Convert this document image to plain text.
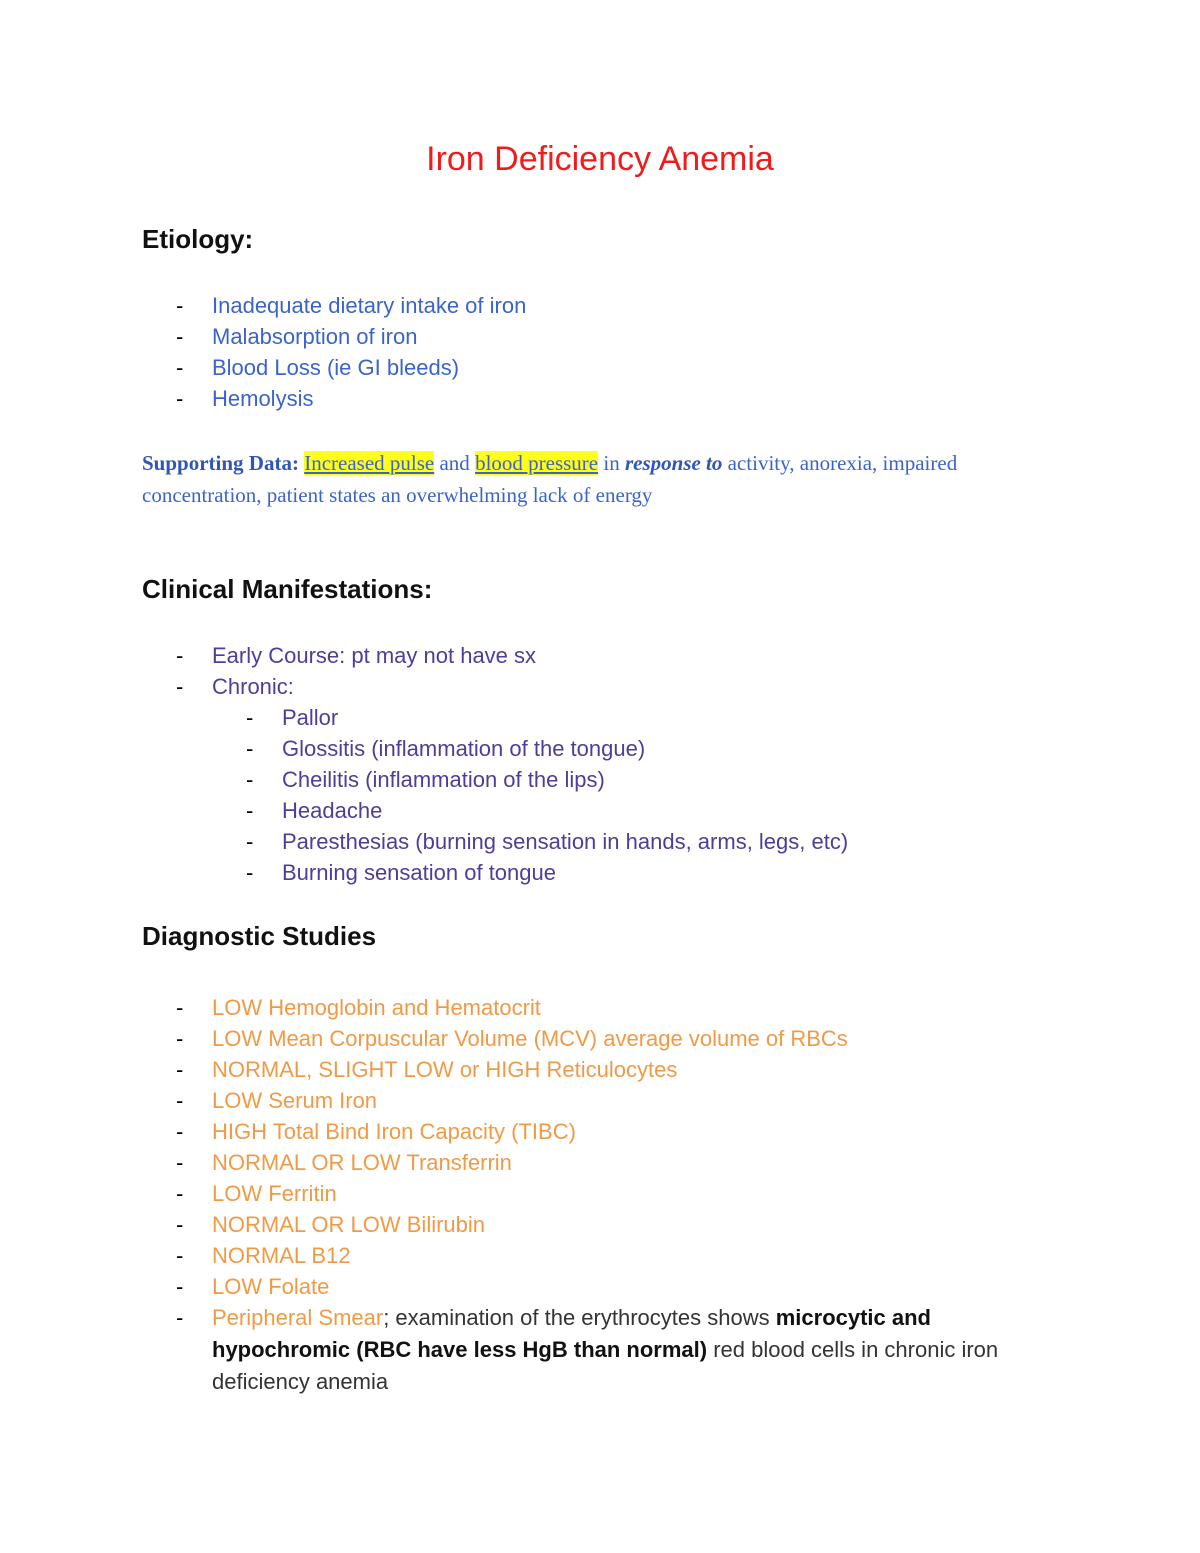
Iron Deficiency Anemia
Etiology:
- Inadequate dietary intake of iron
- Malabsorption of iron
- Blood Loss (ie GI bleeds)
- Hemolysis
Supporting Data: Increased pulse and blood pressure in response to activity, anorexia, impaired concentration, patient states an overwhelming lack of energy
Clinical Manifestations:
- Early Course: pt may not have sx
- Chronic:
- Pallor
- Glossitis (inflammation of the tongue)
- Cheilitis (inflammation of the lips)
- Headache
- Paresthesias (burning sensation in hands, arms, legs, etc)
- Burning sensation of tongue
Diagnostic Studies
- LOW Hemoglobin and Hematocrit
- LOW Mean Corpuscular Volume (MCV) average volume of RBCs
- NORMAL, SLIGHT LOW or HIGH Reticulocytes
- LOW Serum Iron
- HIGH Total Bind Iron Capacity (TIBC)
- NORMAL OR LOW Transferrin
- LOW Ferritin
- NORMAL OR LOW Bilirubin
- NORMAL B12
- LOW Folate
- Peripheral Smear; examination of the erythrocytes shows microcytic and hypochromic (RBC have less HgB than normal) red blood cells in chronic iron deficiency anemia
